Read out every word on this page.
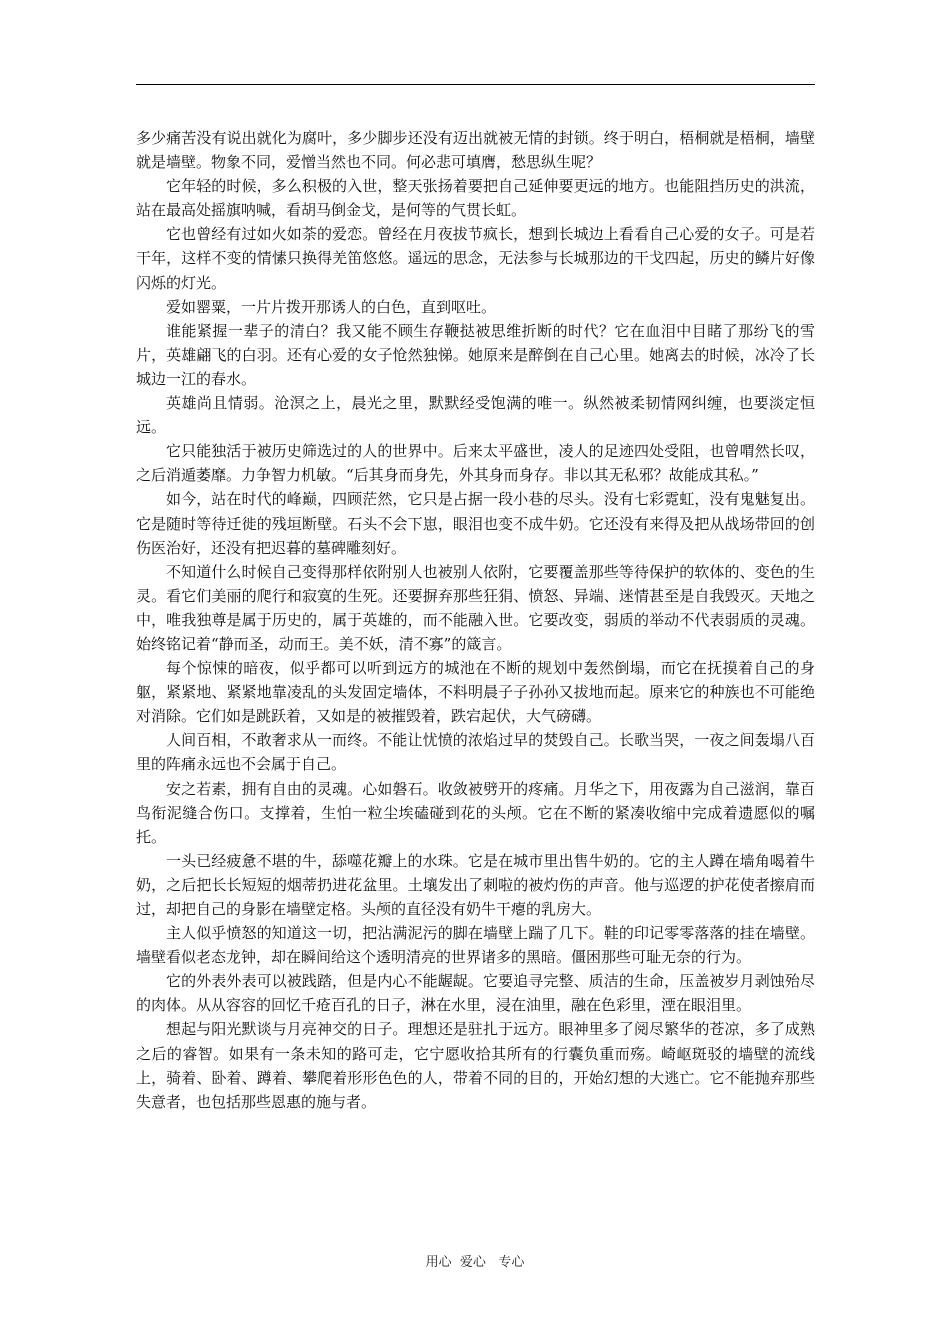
多少痛苦没有说出就化为腐叶，多少脚步还没有迈出就被无情的封锁。终于明白，梧桐就是梧桐，墙壁就是墙壁。物象不同，爱憎当然也不同。何必悲可填膺，愁思纵生呢？

它年轻的时候，多么积极的入世，整天张扬着要把自己延伸要更远的地方。也能阻挡历史的洪流，站在最高处摇旗呐喊，看胡马倒金戈，是何等的气贯长虹。

它也曾经有过如火如荼的爱恋。曾经在月夜拔节疯长，想到长城边上看看自己心爱的女子。可是若干年，这样不变的情愫只换得羌笛悠悠。遥远的思念，无法参与长城那边的干戈四起，历史的鳞片好像闪烁的灯光。

爱如罂粟，一片片拨开那诱人的白色，直到呕吐。

谁能紧握一辈子的清白？我又能不顾生存鞭挞被思维折断的时代？它在血泪中目睹了那纷飞的雪片，英雄翩飞的白羽。还有心爱的女子怆然独悌。她原来是醉倒在自己心里。她离去的时候，冰冷了长城边一江的春水。

英雄尚且情弱。沧溟之上，晨光之里，默默经受饱满的唯一。纵然被柔韧情网纠缠，也要淡定恒远。

它只能独活于被历史筛选过的人的世界中。后来太平盛世，凌人的足迹四处受阻，也曾喟然长叹，之后消遁萎靡。力争智力机敏。“后其身而身先，外其身而身存。非以其无私邪？故能成其私。”

如今，站在时代的峰巅，四顾茫然，它只是占据一段小巷的尽头。没有七彩霓虹，没有鬼魅复出。它是随时等待迁徙的残垣断壁。石头不会下崽，眼泪也变不成牛奶。它还没有来得及把从战场带回的创伤医治好，还没有把迟暮的墓碑雕刻好。

不知道什么时候自己变得那样依附别人也被别人依附，它要覆盖那些等待保护的软体的、变色的生灵。看它们美丽的爬行和寂寞的生死。还要摒弃那些狂狷、愤怒、异端、迷情甚至是自我毁灭。天地之中，唯我独尊是属于历史的，属于英雄的，而不能融入世。它要改变，弱质的举动不代表弱质的灵魂。始终铭记着“静而圣，动而王。美不妖，清不寡”的箴言。

每个惊悚的暗夜，似乎都可以听到远方的城池在不断的规划中轰然倒塌，而它在抚摸着自己的身躯，紧紧地、紧紧地靠凌乱的头发固定墙体，不料明晨子子孙孙又拔地而起。原来它的种族也不可能绝对消除。它们如是跳跃着，又如是的被摧毁着，跌宕起伏，大气磅礴。

人间百相，不敢奢求从一而终。不能让忧愤的浓焰过早的焚毁自己。长歌当哭，一夜之间轰塌八百里的阵痛永远也不会属于自己。

安之若素，拥有自由的灵魂。心如磐石。收敛被劈开的疼痛。月华之下，用夜露为自己滋润，靠百鸟衔泥缝合伤口。支撑着，生怕一粒尘埃磕碰到花的头颅。它在不断的紧凑收缩中完成着遗愿似的嘱托。

一头已经疲惫不堪的牛，舔噬花瓣上的水珠。它是在城市里出售牛奶的。它的主人蹲在墙角喝着牛奶，之后把长长短短的烟蒂扔进花盆里。土壤发出了刺啦的被灼伤的声音。他与巡逻的护花使者擦肩而过，却把自己的身影在墙壁定格。头颅的直径没有奶牛干瘪的乳房大。

主人似乎愤怒的知道这一切，把沾满泥污的脚在墙壁上踹了几下。鞋的印记零零落落的挂在墙壁。墙壁看似老态龙钟，却在瞬间给这个透明清亮的世界诸多的黑暗。僵困那些可耻无奈的行为。

它的外表外表可以被践踏，但是内心不能龌龊。它要追寻完整、质洁的生命，压盖被岁月剥蚀殆尽的肉体。从从容容的回忆千疮百孔的日子，淋在水里，浸在油里，融在色彩里，湮在眼泪里。

想起与阳光默谈与月亮神交的日子。理想还是驻扎于远方。眼神里多了阅尽繁华的苍凉，多了成熟之后的睿智。如果有一条未知的路可走，它宁愿收拾其所有的行囊负重而殇。崎岖斑驳的墙壁的流线上，骑着、卧着、蹲着、攀爬着形形色色的人，带着不同的目的，开始幻想的大逃亡。它不能抛弃那些失意者，也包括那些恩惠的施与者。

用心  爱心   专心
